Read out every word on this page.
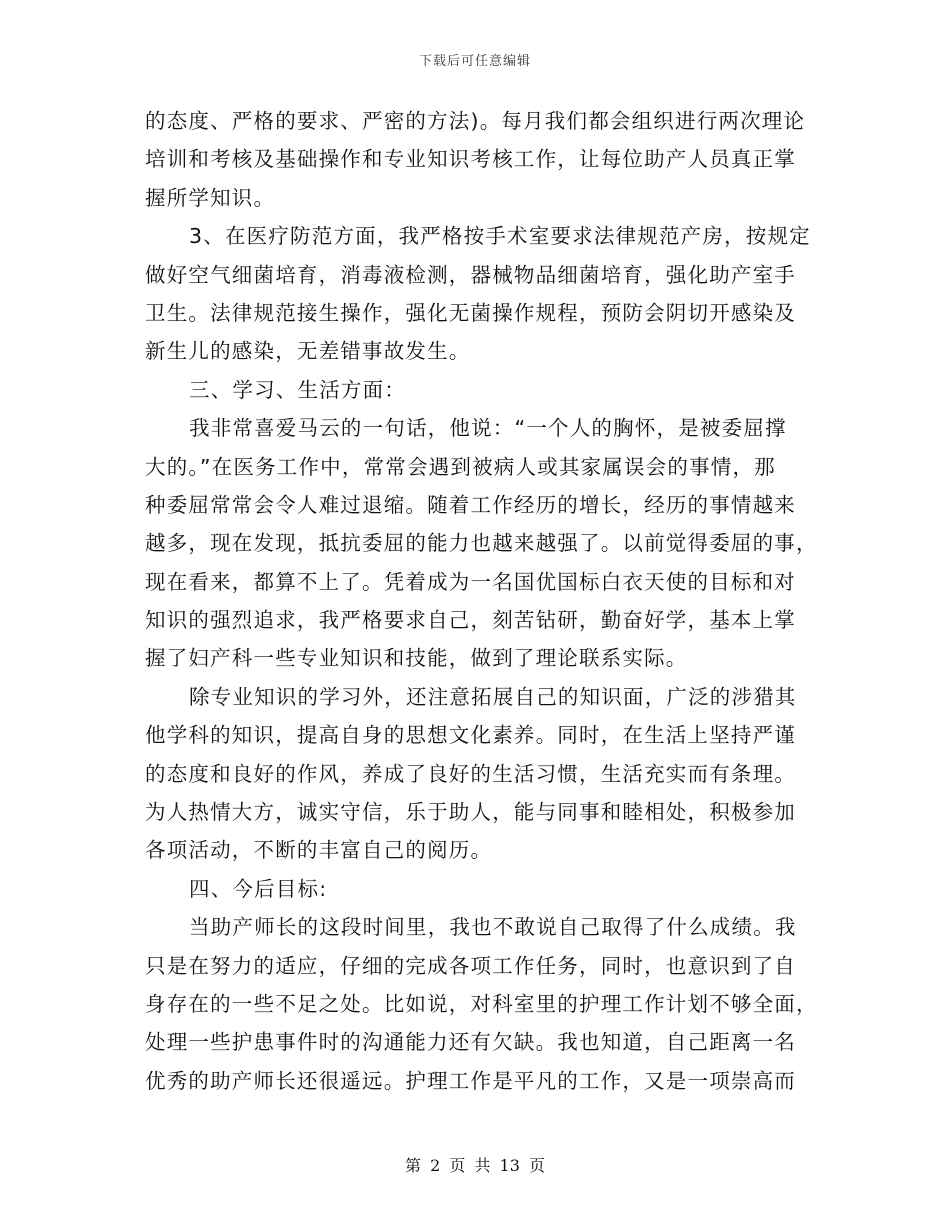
下载后可任意编辑
的态度、严格的要求、严密的方法)。每月我们都会组织进行两次理论
培训和考核及基础操作和专业知识考核工作，让每位助产人员真正掌
握所学知识。
3、在医疗防范方面，我严格按手术室要求法律规范产房，按规定
做好空气细菌培育，消毒液检测，器械物品细菌培育，强化助产室手
卫生。法律规范接生操作，强化无菌操作规程，预防会阴切开感染及
新生儿的感染，无差错事故发生。
三、学习、生活方面：
我非常喜爱马云的一句话，他说：“一个人的胸怀，是被委屈撑
大的。”在医务工作中，常常会遇到被病人或其家属误会的事情，那
种委屈常常会令人难过退缩。随着工作经历的增长，经历的事情越来
越多，现在发现，抵抗委屈的能力也越来越强了。以前觉得委屈的事，
现在看来，都算不上了。凭着成为一名国优国标白衣天使的目标和对
知识的强烈追求，我严格要求自己，刻苦钻研，勤奋好学，基本上掌
握了妇产科一些专业知识和技能，做到了理论联系实际。
除专业知识的学习外，还注意拓展自己的知识面，广泛的涉猎其
他学科的知识，提高自身的思想文化素养。同时，在生活上坚持严谨
的态度和良好的作风，养成了良好的生活习惯，生活充实而有条理。
为人热情大方，诚实守信，乐于助人，能与同事和睦相处，积极参加
各项活动，不断的丰富自己的阅历。
四、今后目标:
当助产师长的这段时间里，我也不敢说自己取得了什么成绩。我
只是在努力的适应，仔细的完成各项工作任务，同时，也意识到了自
身存在的一些不足之处。比如说，对科室里的护理工作计划不够全面，
处理一些护患事件时的沟通能力还有欠缺。我也知道，自己距离一名
优秀的助产师长还很遥远。护理工作是平凡的工作，又是一项崇高而
第 2 页 共 13 页
